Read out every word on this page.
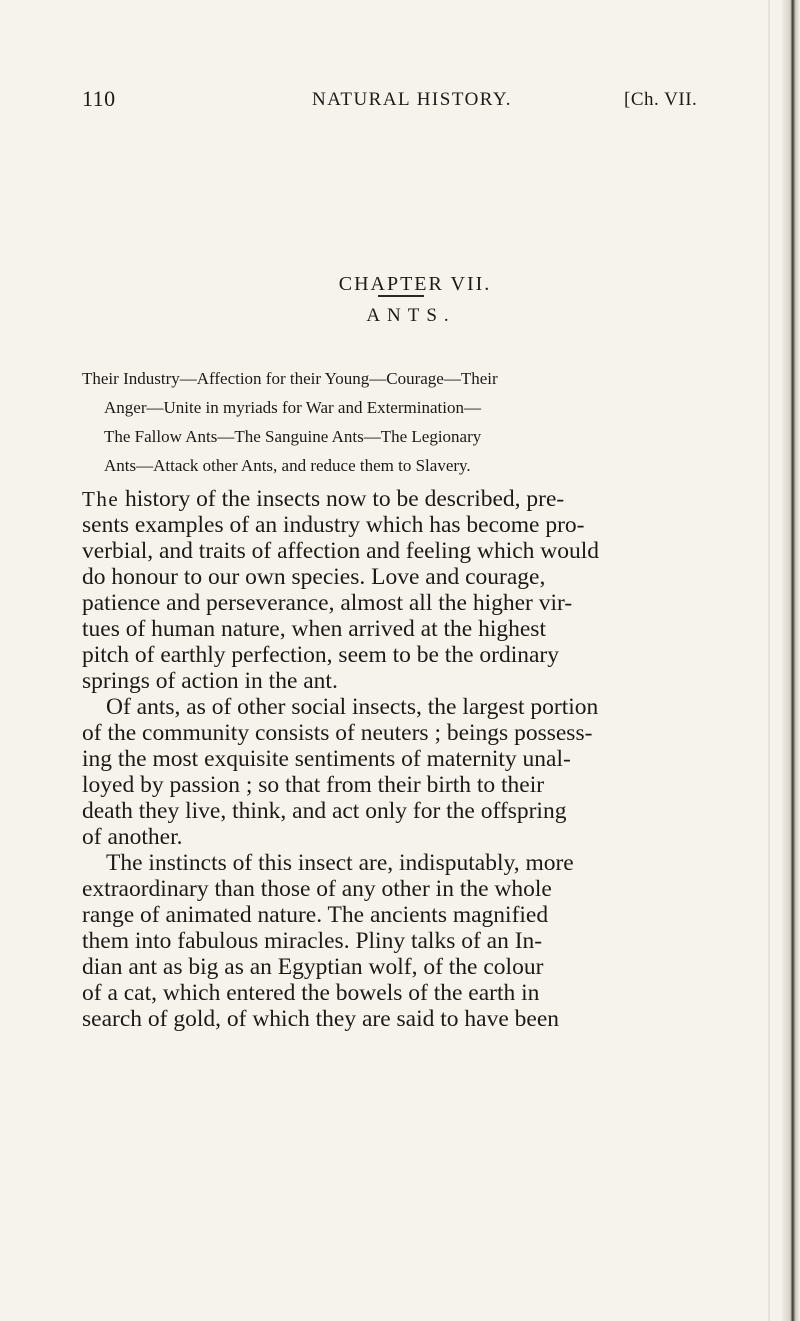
110	NATURAL HISTORY.	[Ch. VII.
CHAPTER VII.
ANTS.
Their Industry—Affection for their Young—Courage—Their
Anger—Unite in myriads for War and Extermination—
The Fallow Ants—The Sanguine Ants—The Legionary
Ants—Attack other Ants, and reduce them to Slavery.
The history of the insects now to be described, pre-
sents examples of an industry which has become pro-
verbial, and traits of affection and feeling which would
do honour to our own species. Love and courage,
patience and perseverance, almost all the higher vir-
tues of human nature, when arrived at the highest
pitch of earthly perfection, seem to be the ordinary
springs of action in the ant.
Of ants, as of other social insects, the largest portion
of the community consists of neuters ; beings possess-
ing the most exquisite sentiments of maternity unal-
loyed by passion ; so that from their birth to their
death they live, think, and act only for the offspring
of another.
The instincts of this insect are, indisputably, more
extraordinary than those of any other in the whole
range of animated nature. The ancients magnified
them into fabulous miracles. Pliny talks of an In-
dian ant as big as an Egyptian wolf, of the colour
of a cat, which entered the bowels of the earth in
search of gold, of which they are said to have been
